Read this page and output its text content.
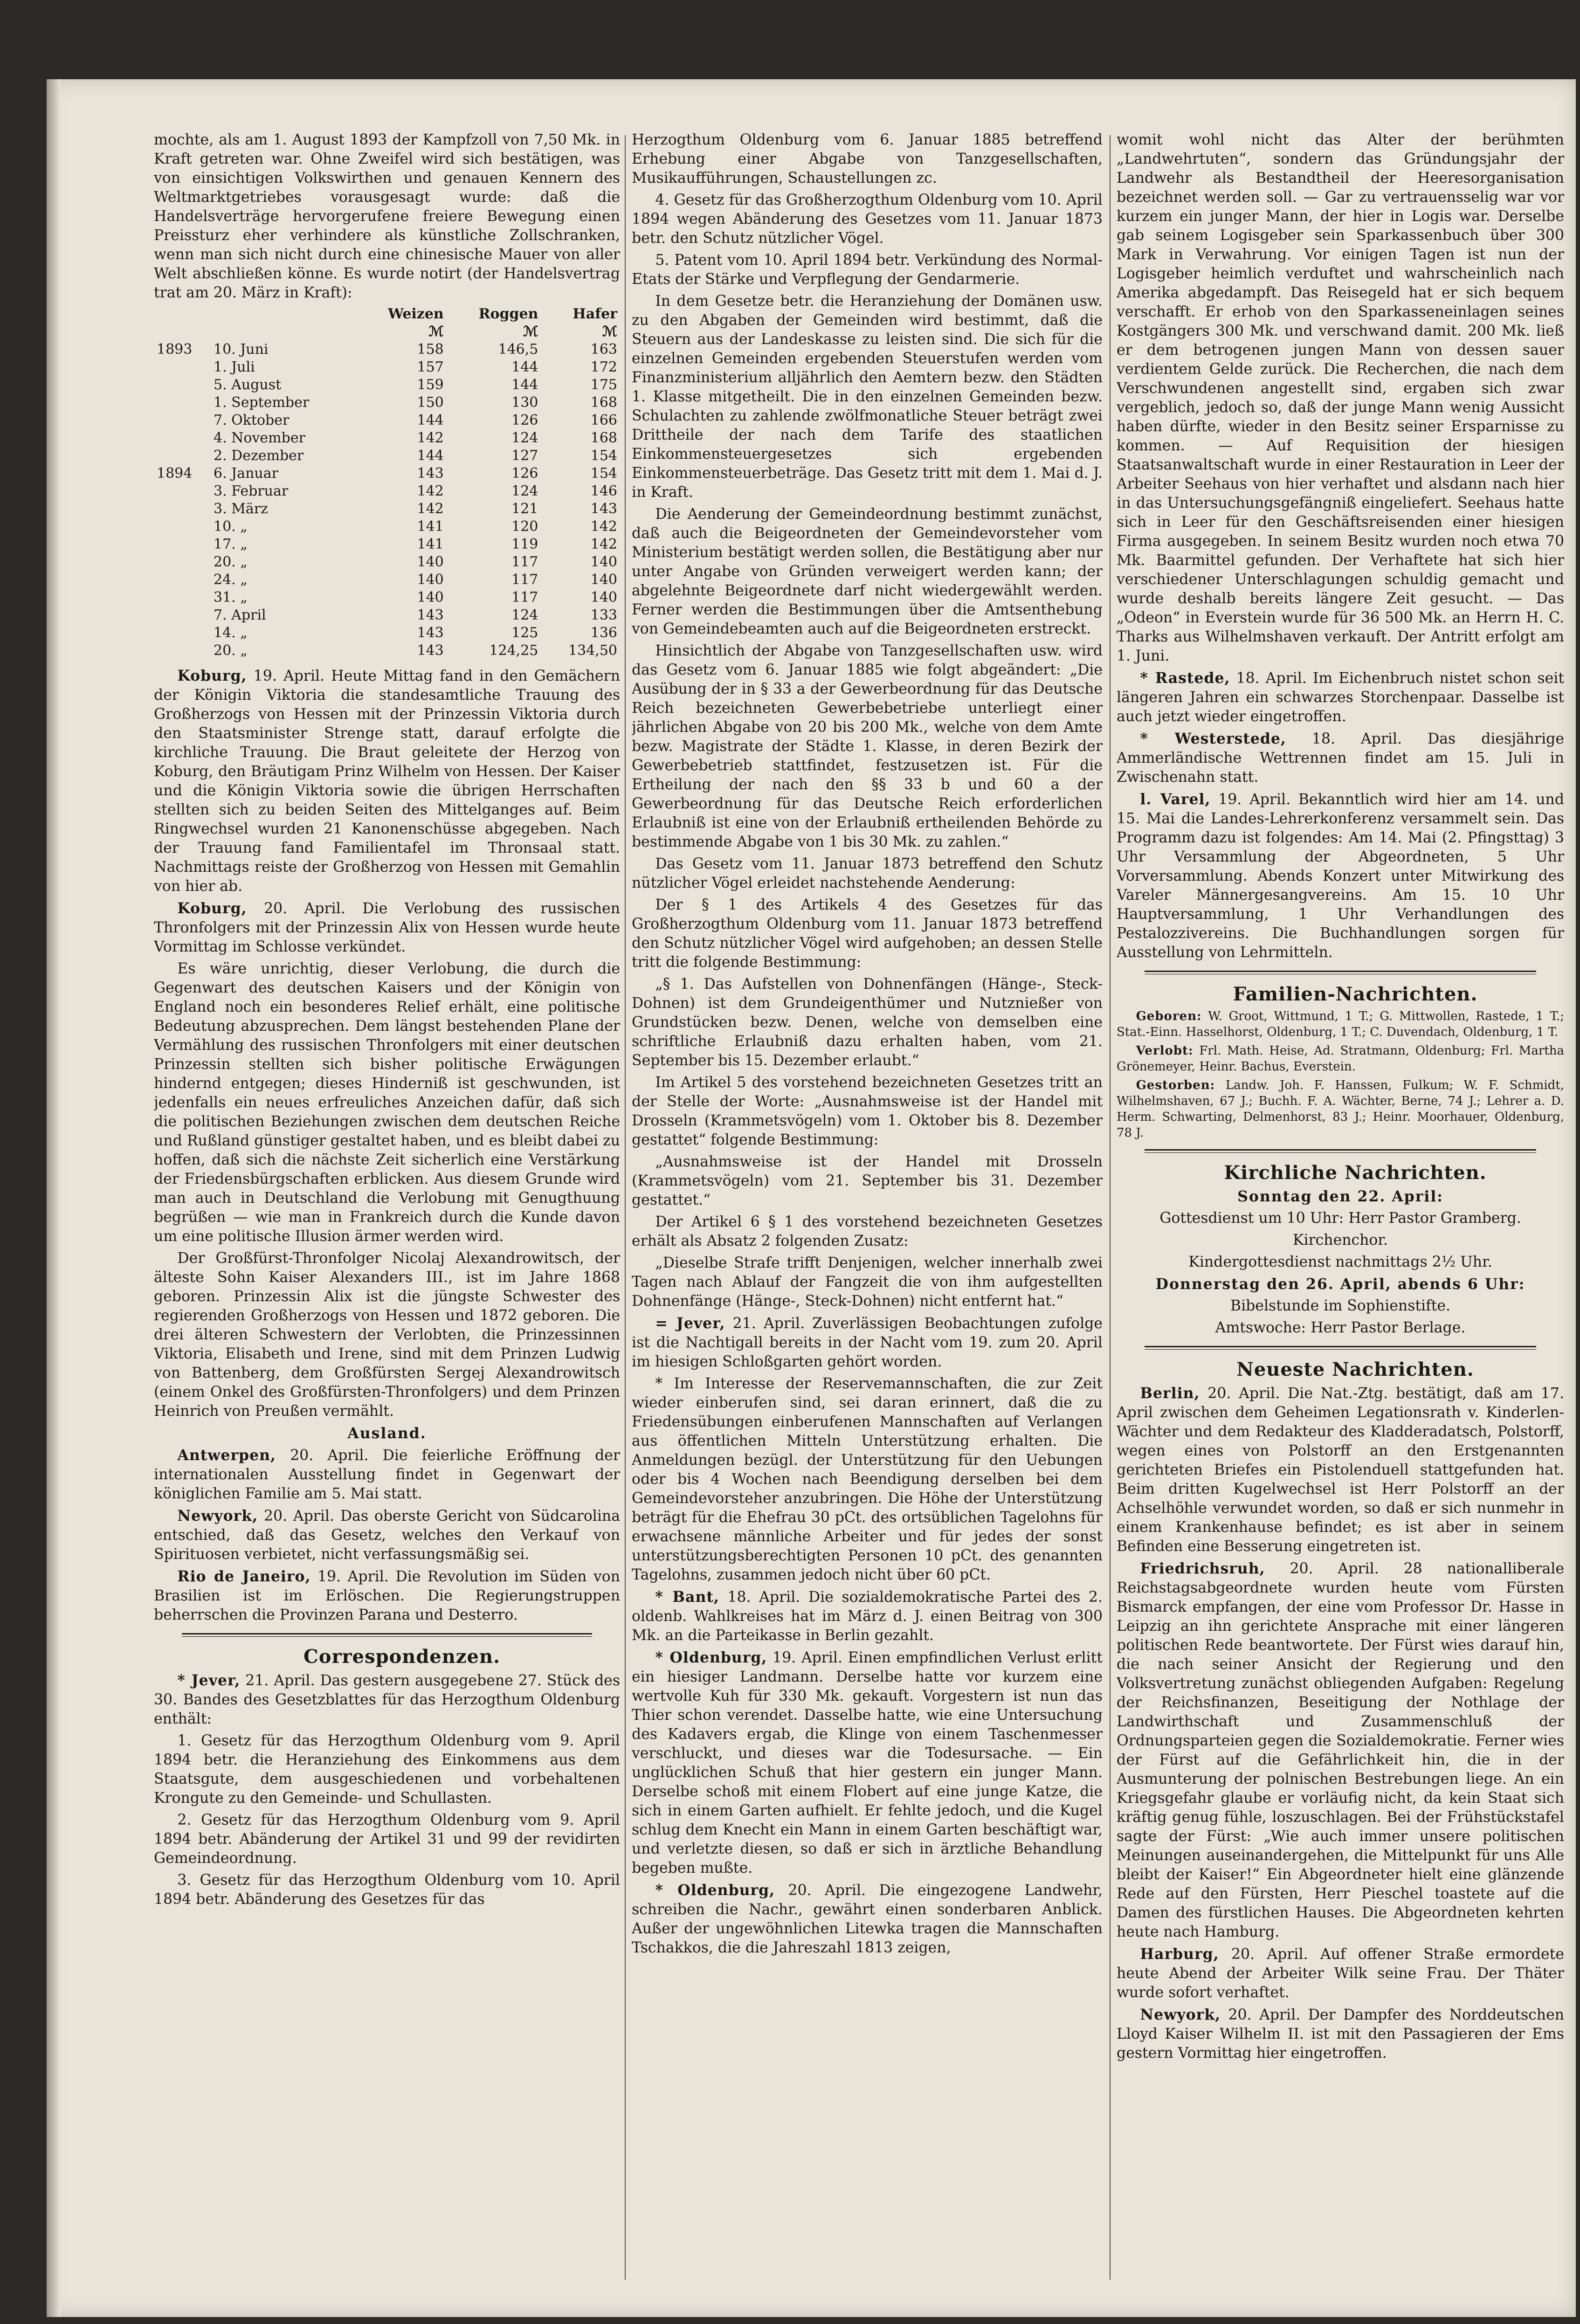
mochte, als am 1. August 1893 der Kampfzoll von 7,50 Mk. in Kraft getreten war. Ohne Zweifel wird sich bestätigen, was von einsichtigen Volkswirthen und genauen Kennern des Weltmarktgetriebes vorausgesagt wurde: daß die Handelsverträge hervorgerufene freiere Bewegung einen Preissturz eher verhindere als künstliche Zollschranken, wenn man sich nicht durch eine chinesische Mauer von aller Welt abschließen könne. Es wurde notirt (der Handelsvertrag trat am 20. März in Kraft):

		Weizen	Roggen	Hafer
		ℳ	ℳ	ℳ
1893	10. Juni	158	146,5	163
	1. Juli	157	144	172
	5. August	159	144	175
	1. September	150	130	168
	7. Oktober	144	126	166
	4. November	142	124	168
	2. Dezember	144	127	154
1894	6. Januar	143	126	154
	3. Februar	142	124	146
	3. März	142	121	143
	10. „	141	120	142
	17. „	141	119	142
	20. „	140	117	140
	24. „	140	117	140
	31. „	140	117	140
	7. April	143	124	133
	14. „	143	125	136
	20. „	143	124,25	134,50

Koburg, 19. April. Heute Mittag fand in den Gemächern der Königin Viktoria die standesamtliche Trauung des Großherzogs von Hessen mit der Prinzessin Viktoria durch den Staatsminister Strenge statt, darauf erfolgte die kirchliche Trauung. Die Braut geleitete der Herzog von Koburg, den Bräutigam Prinz Wilhelm von Hessen. Der Kaiser und die Königin Viktoria sowie die übrigen Herrschaften stellten sich zu beiden Seiten des Mittelganges auf. Beim Ringwechsel wurden 21 Kanonenschüsse abgegeben. Nach der Trauung fand Familientafel im Thronsaal statt. Nachmittags reiste der Großherzog von Hessen mit Gemahlin von hier ab.

Koburg, 20. April. Die Verlobung des russischen Thronfolgers mit der Prinzessin Alix von Hessen wurde heute Vormittag im Schlosse verkündet.

Es wäre unrichtig, dieser Verlobung, die durch die Gegenwart des deutschen Kaisers und der Königin von England noch ein besonderes Relief erhält, eine politische Bedeutung abzusprechen. Dem längst bestehenden Plane der Vermählung des russischen Thronfolgers mit einer deutschen Prinzessin stellten sich bisher politische Erwägungen hindernd entgegen; dieses Hinderniß ist geschwunden, ist jedenfalls ein neues erfreuliches Anzeichen dafür, daß sich die politischen Beziehungen zwischen dem deutschen Reiche und Rußland günstiger gestaltet haben, und es bleibt dabei zu hoffen, daß sich die nächste Zeit sicherlich eine Verstärkung der Friedensbürgschaften erblicken. Aus diesem Grunde wird man auch in Deutschland die Verlobung mit Genugthuung begrüßen — wie man in Frankreich durch die Kunde davon um eine politische Illusion ärmer werden wird.

Der Großfürst-Thronfolger Nicolaj Alexandrowitsch, der älteste Sohn Kaiser Alexanders III., ist im Jahre 1868 geboren. Prinzessin Alix ist die jüngste Schwester des regierenden Großherzogs von Hessen und 1872 geboren. Die drei älteren Schwestern der Verlobten, die Prinzessinnen Viktoria, Elisabeth und Irene, sind mit dem Prinzen Ludwig von Battenberg, dem Großfürsten Sergej Alexandrowitsch (einem Onkel des Großfürsten-Thronfolgers) und dem Prinzen Heinrich von Preußen vermählt.

Ausland.

Antwerpen, 20. April. Die feierliche Eröffnung der internationalen Ausstellung findet in Gegenwart der königlichen Familie am 5. Mai statt.

Newyork, 20. April. Das oberste Gericht von Südcarolina entschied, daß das Gesetz, welches den Verkauf von Spirituosen verbietet, nicht verfassungsmäßig sei.

Rio de Janeiro, 19. April. Die Revolution im Süden von Brasilien ist im Erlöschen. Die Regierungstruppen beherrschen die Provinzen Parana und Desterro.

Correspondenzen.

* Jever, 21. April. Das gestern ausgegebene 27. Stück des 30. Bandes des Gesetzblattes für das Herzogthum Oldenburg enthält:

1. Gesetz für das Herzogthum Oldenburg vom 9. April 1894 betr. die Heranziehung des Einkommens aus dem Staatsgute, dem ausgeschiedenen und vorbehaltenen Krongute zu den Gemeinde- und Schullasten.

2. Gesetz für das Herzogthum Oldenburg vom 9. April 1894 betr. Abänderung der Artikel 31 und 99 der revidirten Gemeindeordnung.

3. Gesetz für das Herzogthum Oldenburg vom 10. April 1894 betr. Abänderung des Gesetzes für das

Herzogthum Oldenburg vom 6. Januar 1885 betreffend Erhebung einer Abgabe von Tanzgesellschaften, Musikaufführungen, Schaustellungen zc.

4. Gesetz für das Großherzogthum Oldenburg vom 10. April 1894 wegen Abänderung des Gesetzes vom 11. Januar 1873 betr. den Schutz nützlicher Vögel.

5. Patent vom 10. April 1894 betr. Verkündung des Normal-Etats der Stärke und Verpflegung der Gendarmerie.

In dem Gesetze betr. die Heranziehung der Domänen usw. zu den Abgaben der Gemeinden wird bestimmt, daß die Steuern aus der Landeskasse zu leisten sind. Die sich für die einzelnen Gemeinden ergebenden Steuerstufen werden vom Finanzministerium alljährlich den Aemtern bezw. den Städten 1. Klasse mitgetheilt. Die in den einzelnen Gemeinden bezw. Schulachten zu zahlende zwölfmonatliche Steuer beträgt zwei Drittheile der nach dem Tarife des staatlichen Einkommensteuergesetzes sich ergebenden Einkommensteuerbeträge. Das Gesetz tritt mit dem 1. Mai d. J. in Kraft.

Die Aenderung der Gemeindeordnung bestimmt zunächst, daß auch die Beigeordneten der Gemeindevorsteher vom Ministerium bestätigt werden sollen, die Bestätigung aber nur unter Angabe von Gründen verweigert werden kann; der abgelehnte Beigeordnete darf nicht wiedergewählt werden. Ferner werden die Bestimmungen über die Amtsenthebung von Gemeindebeamten auch auf die Beigeordneten erstreckt.

Hinsichtlich der Abgabe von Tanzgesellschaften usw. wird das Gesetz vom 6. Januar 1885 wie folgt abgeändert: „Die Ausübung der in § 33 a der Gewerbeordnung für das Deutsche Reich bezeichneten Gewerbebetriebe unterliegt einer jährlichen Abgabe von 20 bis 200 Mk., welche von dem Amte bezw. Magistrate der Städte 1. Klasse, in deren Bezirk der Gewerbebetrieb stattfindet, festzusetzen ist. Für die Ertheilung der nach den §§ 33 b und 60 a der Gewerbeordnung für das Deutsche Reich erforderlichen Erlaubniß ist eine von der Erlaubniß ertheilenden Behörde zu bestimmende Abgabe von 1 bis 30 Mk. zu zahlen.“

Das Gesetz vom 11. Januar 1873 betreffend den Schutz nützlicher Vögel erleidet nachstehende Aenderung:

Der § 1 des Artikels 4 des Gesetzes für das Großherzogthum Oldenburg vom 11. Januar 1873 betreffend den Schutz nützlicher Vögel wird aufgehoben; an dessen Stelle tritt die folgende Bestimmung:

„§ 1. Das Aufstellen von Dohnenfängen (Hänge-, Steck-Dohnen) ist dem Grundeigenthümer und Nutznießer von Grundstücken bezw. Denen, welche von demselben eine schriftliche Erlaubniß dazu erhalten haben, vom 21. September bis 15. Dezember erlaubt.“

Im Artikel 5 des vorstehend bezeichneten Gesetzes tritt an der Stelle der Worte: „Ausnahmsweise ist der Handel mit Drosseln (Krammetsvögeln) vom 1. Oktober bis 8. Dezember gestattet“ folgende Bestimmung:

„Ausnahmsweise ist der Handel mit Drosseln (Krammetsvögeln) vom 21. September bis 31. Dezember gestattet.“

Der Artikel 6 § 1 des vorstehend bezeichneten Gesetzes erhält als Absatz 2 folgenden Zusatz:

„Dieselbe Strafe trifft Denjenigen, welcher innerhalb zwei Tagen nach Ablauf der Fangzeit die von ihm aufgestellten Dohnenfänge (Hänge-, Steck-Dohnen) nicht entfernt hat.“

= Jever, 21. April. Zuverlässigen Beobachtungen zufolge ist die Nachtigall bereits in der Nacht vom 19. zum 20. April im hiesigen Schloßgarten gehört worden.

* Im Interesse der Reservemannschaften, die zur Zeit wieder einberufen sind, sei daran erinnert, daß die zu Friedensübungen einberufenen Mannschaften auf Verlangen aus öffentlichen Mitteln Unterstützung erhalten. Die Anmeldungen bezügl. der Unterstützung für den Uebungen oder bis 4 Wochen nach Beendigung derselben bei dem Gemeindevorsteher anzubringen. Die Höhe der Unterstützung beträgt für die Ehefrau 30 pCt. des ortsüblichen Tagelohns für erwachsene männliche Arbeiter und für jedes der sonst unterstützungsberechtigten Personen 10 pCt. des genannten Tagelohns, zusammen jedoch nicht über 60 pCt.

* Bant, 18. April. Die sozialdemokratische Partei des 2. oldenb. Wahlkreises hat im März d. J. einen Beitrag von 300 Mk. an die Parteikasse in Berlin gezahlt.

* Oldenburg, 19. April. Einen empfindlichen Verlust erlitt ein hiesiger Landmann. Derselbe hatte vor kurzem eine wertvolle Kuh für 330 Mk. gekauft. Vorgestern ist nun das Thier schon verendet. Dasselbe hatte, wie eine Untersuchung des Kadavers ergab, die Klinge von einem Taschenmesser verschluckt, und dieses war die Todesursache. — Ein unglücklichen Schuß that hier gestern ein junger Mann. Derselbe schoß mit einem Flobert auf eine junge Katze, die sich in einem Garten aufhielt. Er fehlte jedoch, und die Kugel schlug dem Knecht ein Mann in einem Garten beschäftigt war, und verletzte diesen, so daß er sich in ärztliche Behandlung begeben mußte.

* Oldenburg, 20. April. Die eingezogene Landwehr, schreiben die Nachr., gewährt einen sonderbaren Anblick. Außer der ungewöhnlichen Litewka tragen die Mannschaften Tschakkos, die die Jahreszahl 1813 zeigen,

womit wohl nicht das Alter der berühmten „Landwehrtuten“, sondern das Gründungsjahr der Landwehr als Bestandtheil der Heeresorganisation bezeichnet werden soll. — Gar zu vertrauensselig war vor kurzem ein junger Mann, der hier in Logis war. Derselbe gab seinem Logisgeber sein Sparkassenbuch über 300 Mark in Verwahrung. Vor einigen Tagen ist nun der Logisgeber heimlich verduftet und wahrscheinlich nach Amerika abgedampft. Das Reisegeld hat er sich bequem verschafft. Er erhob von den Sparkasseneinlagen seines Kostgängers 300 Mk. und verschwand damit. 200 Mk. ließ er dem betrogenen jungen Mann von dessen sauer verdientem Gelde zurück. Die Recherchen, die nach dem Verschwundenen angestellt sind, ergaben sich zwar vergeblich, jedoch so, daß der junge Mann wenig Aussicht haben dürfte, wieder in den Besitz seiner Ersparnisse zu kommen. — Auf Requisition der hiesigen Staatsanwaltschaft wurde in einer Restauration in Leer der Arbeiter Seehaus von hier verhaftet und alsdann nach hier in das Untersuchungsgefängniß eingeliefert. Seehaus hatte sich in Leer für den Geschäftsreisenden einer hiesigen Firma ausgegeben. In seinem Besitz wurden noch etwa 70 Mk. Baarmittel gefunden. Der Verhaftete hat sich hier verschiedener Unterschlagungen schuldig gemacht und wurde deshalb bereits längere Zeit gesucht. — Das „Odeon“ in Everstein wurde für 36 500 Mk. an Herrn H. C. Tharks aus Wilhelmshaven verkauft. Der Antritt erfolgt am 1. Juni.

* Rastede, 18. April. Im Eichenbruch nistet schon seit längeren Jahren ein schwarzes Storchenpaar. Dasselbe ist auch jetzt wieder eingetroffen.

* Westerstede, 18. April. Das diesjährige Ammerländische Wettrennen findet am 15. Juli in Zwischenahn statt.

l. Varel, 19. April. Bekanntlich wird hier am 14. und 15. Mai die Landes-Lehrerkonferenz versammelt sein. Das Programm dazu ist folgendes: Am 14. Mai (2. Pfingsttag) 3 Uhr Versammlung der Abgeordneten, 5 Uhr Vorversammlung. Abends Konzert unter Mitwirkung des Vareler Männergesangvereins. Am 15. 10 Uhr Hauptversammlung, 1 Uhr Verhandlungen des Pestalozzivereins. Die Buchhandlungen sorgen für Ausstellung von Lehrmitteln.

Familien-Nachrichten.

Geboren: W. Groot, Wittmund, 1 T.; G. Mittwollen, Rastede, 1 T.; Stat.-Einn. Hasselhorst, Oldenburg, 1 T.; C. Duvendach, Oldenburg, 1 T.

Verlobt: Frl. Math. Heise, Ad. Stratmann, Oldenburg; Frl. Martha Grönemeyer, Heinr. Bachus, Everstein.

Gestorben: Landw. Joh. F. Hanssen, Fulkum; W. F. Schmidt, Wilhelmshaven, 67 J.; Buchh. F. A. Wächter, Berne, 74 J.; Lehrer a. D. Herm. Schwarting, Delmenhorst, 83 J.; Heinr. Moorhauer, Oldenburg, 78 J.

Kirchliche Nachrichten.

Sonntag den 22. April:

Gottesdienst um 10 Uhr: Herr Pastor Gramberg.

Kirchenchor.

Kindergottesdienst nachmittags 2½ Uhr.

Donnerstag den 26. April, abends 6 Uhr:

Bibelstunde im Sophienstifte.

Amtswoche: Herr Pastor Berlage.

Neueste Nachrichten.

Berlin, 20. April. Die Nat.-Ztg. bestätigt, daß am 17. April zwischen dem Geheimen Legationsrath v. Kinderlen-Wächter und dem Redakteur des Kladderadatsch, Polstorff, wegen eines von Polstorff an den Erstgenannten gerichteten Briefes ein Pistolenduell stattgefunden hat. Beim dritten Kugelwechsel ist Herr Polstorff an der Achselhöhle verwundet worden, so daß er sich nunmehr in einem Krankenhause befindet; es ist aber in seinem Befinden eine Besserung eingetreten ist.

Friedrichsruh, 20. April. 28 nationalliberale Reichstagsabgeordnete wurden heute vom Fürsten Bismarck empfangen, der eine vom Professor Dr. Hasse in Leipzig an ihn gerichtete Ansprache mit einer längeren politischen Rede beantwortete. Der Fürst wies darauf hin, die nach seiner Ansicht der Regierung und den Volksvertretung zunächst obliegenden Aufgaben: Regelung der Reichsfinanzen, Beseitigung der Nothlage der Landwirthschaft und Zusammenschluß der Ordnungsparteien gegen die Sozialdemokratie. Ferner wies der Fürst auf die Gefährlichkeit hin, die in der Ausmunterung der polnischen Bestrebungen liege. An ein Kriegsgefahr glaube er vorläufig nicht, da kein Staat sich kräftig genug fühle, loszuschlagen. Bei der Frühstückstafel sagte der Fürst: „Wie auch immer unsere politischen Meinungen auseinandergehen, die Mittelpunkt für uns Alle bleibt der Kaiser!“ Ein Abgeordneter hielt eine glänzende Rede auf den Fürsten, Herr Pieschel toastete auf die Damen des fürstlichen Hauses. Die Abgeordneten kehrten heute nach Hamburg.

Harburg, 20. April. Auf offener Straße ermordete heute Abend der Arbeiter Wilk seine Frau. Der Thäter wurde sofort verhaftet.

Newyork, 20. April. Der Dampfer des Norddeutschen Lloyd Kaiser Wilhelm II. ist mit den Passagieren der Ems gestern Vormittag hier eingetroffen.
